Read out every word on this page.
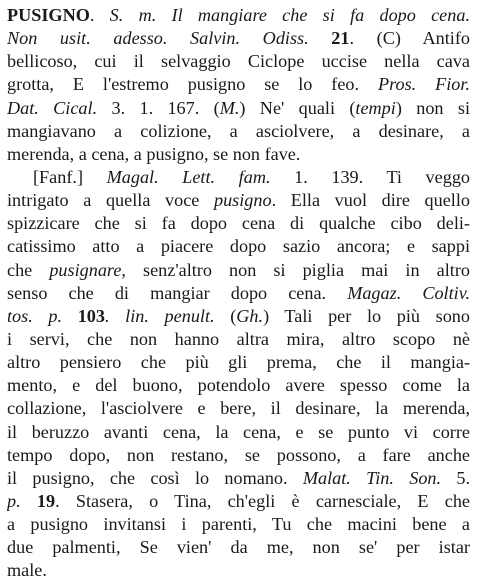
PUSIGNO. S. m. Il mangiare che si fa dopo cena.
Non usit. adesso. Salvin. Odiss. 21. (C) Antifo
bellicoso, cui il selvaggio Ciclope uccise nella cava
grotta, E l'estremo pusigno se lo feo. Pros. Fior.
Dat. Cical. 3. 1. 167. (M.) Ne' quali (tempi) non si
mangiavano a colizione, a asciolvere, a desinare, a
merenda, a cena, a pusigno, se non fave.
[Fanf.] Magal. Lett. fam. 1. 139. Ti veggo
intrigato a quella voce pusigno. Ella vuol dire quello
spizzicare che si fa dopo cena di qualche cibo deli-
catissimo atto a piacere dopo sazio ancora; e sappi
che pusignare, senz'altro non si piglia mai in altro
senso che di mangiar dopo cena. Magaz. Coltiv.
tos. p. 103. lin. penult. (Gh.) Tali per lo più sono
i servi, che non hanno altra mira, altro scopo nè
altro pensiero che più gli prema, che il mangia-
mento, e del buono, potendolo avere spesso come la
collazione, l'asciolvere e bere, il desinare, la merenda,
il beruzzo avanti cena, la cena, e se punto vi corre
tempo dopo, non restano, se possono, a fare anche
il pusigno, che così lo nomano. Malat. Tin. Son. 5.
p. 19. Stasera, o Tina, ch'egli è carnesciale, E che
a pusigno invitansi i parenti, Tu che macini bene a
due palmenti, Se vien' da me, non se' per istar
male.
